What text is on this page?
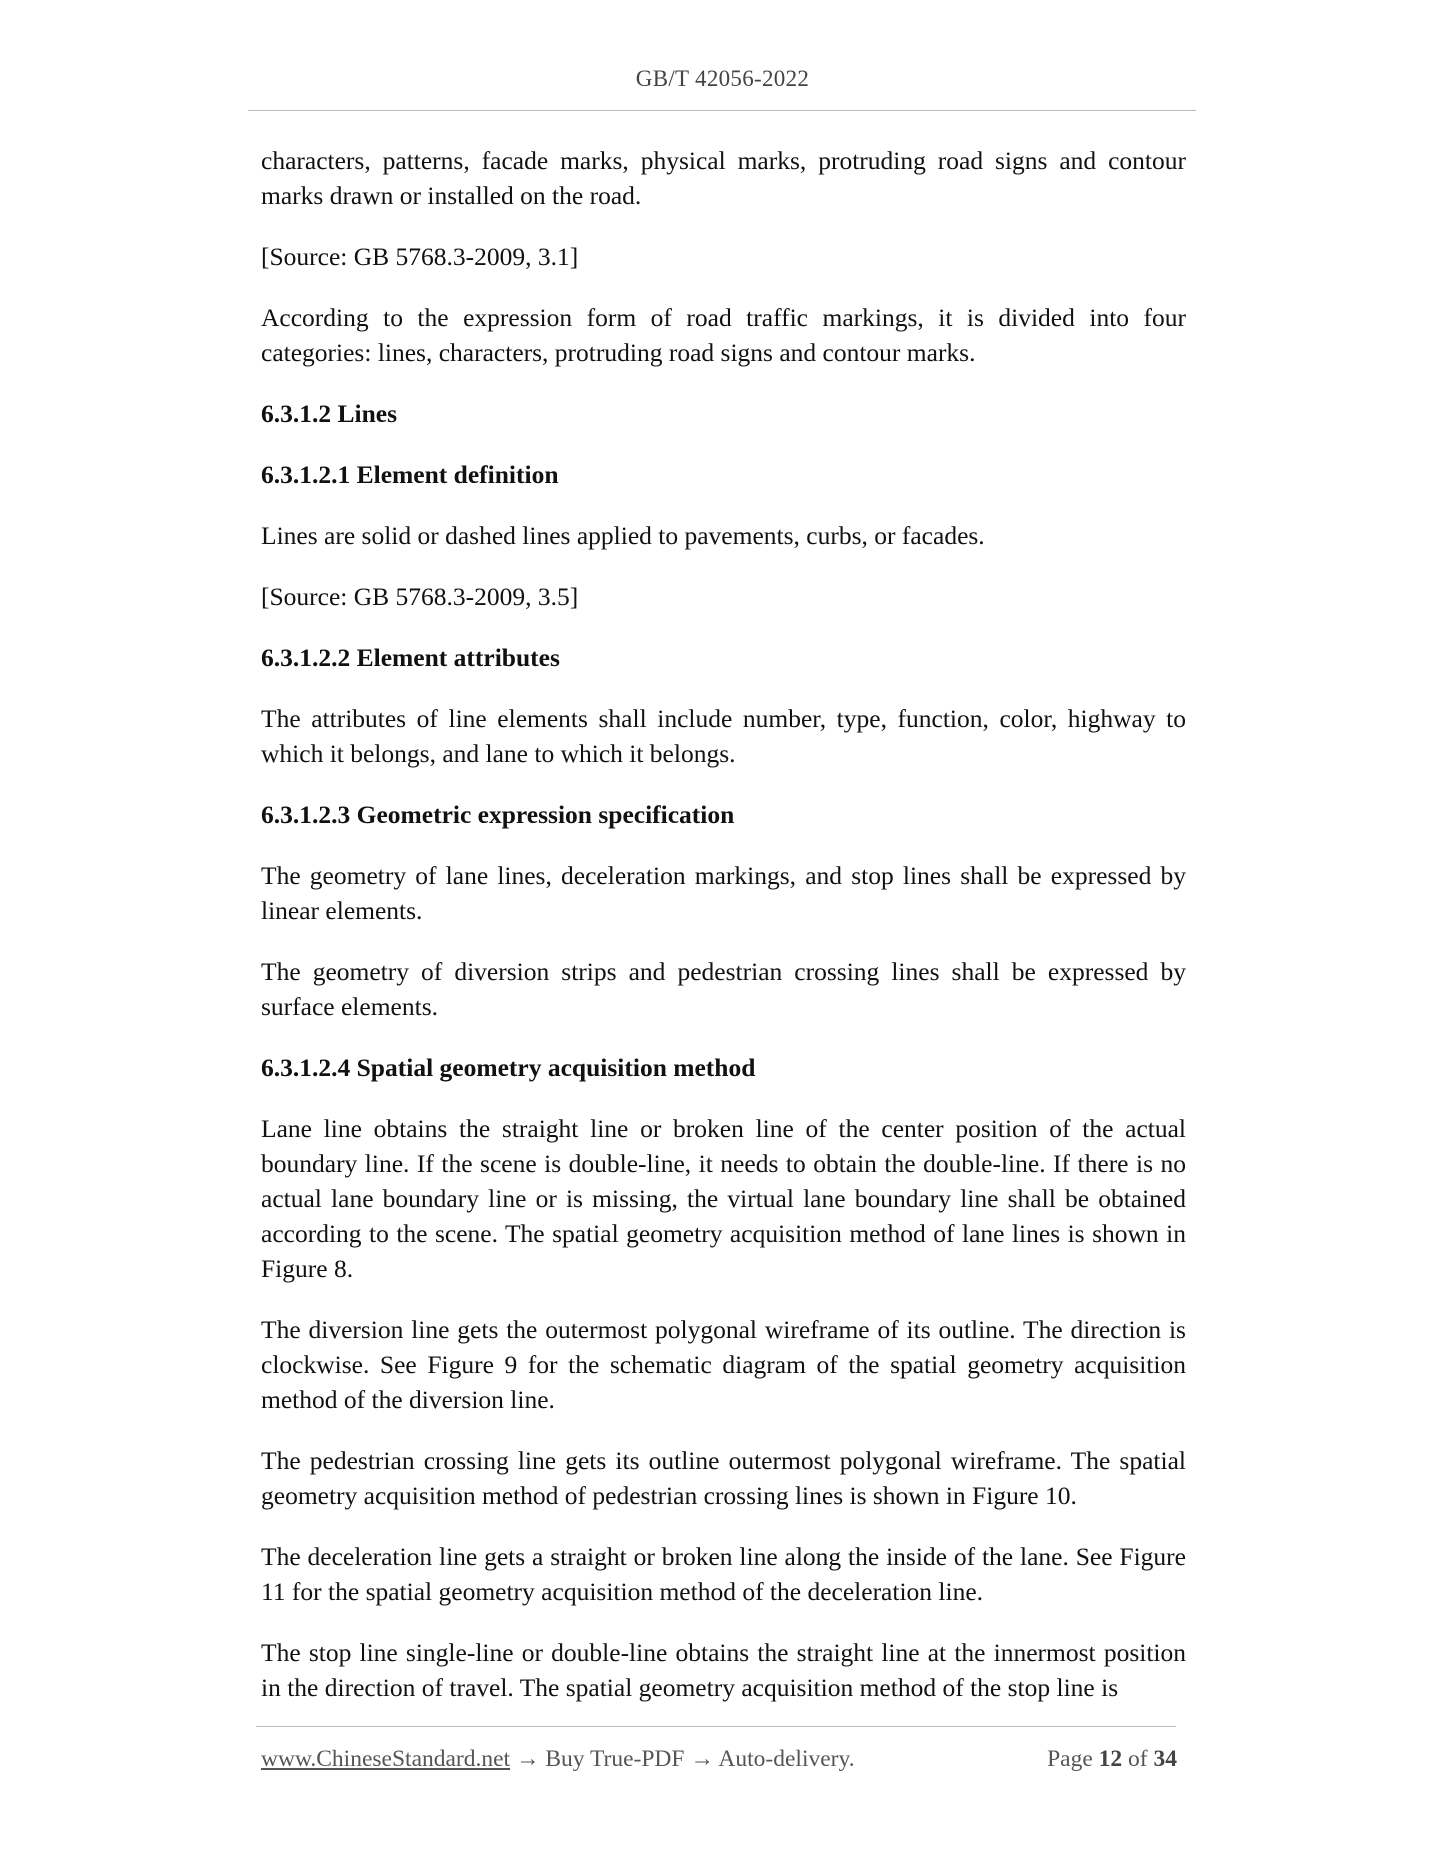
GB/T 42056-2022

characters, patterns, facade marks, physical marks, protruding road signs and contour marks drawn or installed on the road.

[Source: GB 5768.3-2009, 3.1]

According to the expression form of road traffic markings, it is divided into four categories: lines, characters, protruding road signs and contour marks.

6.3.1.2 Lines

6.3.1.2.1 Element definition

Lines are solid or dashed lines applied to pavements, curbs, or facades.

[Source: GB 5768.3-2009, 3.5]

6.3.1.2.2 Element attributes

The attributes of line elements shall include number, type, function, color, highway to which it belongs, and lane to which it belongs.

6.3.1.2.3 Geometric expression specification

The geometry of lane lines, deceleration markings, and stop lines shall be expressed by linear elements.

The geometry of diversion strips and pedestrian crossing lines shall be expressed by surface elements.

6.3.1.2.4 Spatial geometry acquisition method

Lane line obtains the straight line or broken line of the center position of the actual boundary line. If the scene is double-line, it needs to obtain the double-line. If there is no actual lane boundary line or is missing, the virtual lane boundary line shall be obtained according to the scene. The spatial geometry acquisition method of lane lines is shown in Figure 8.

The diversion line gets the outermost polygonal wireframe of its outline. The direction is clockwise. See Figure 9 for the schematic diagram of the spatial geometry acquisition method of the diversion line.

The pedestrian crossing line gets its outline outermost polygonal wireframe. The spatial geometry acquisition method of pedestrian crossing lines is shown in Figure 10.

The deceleration line gets a straight or broken line along the inside of the lane. See Figure 11 for the spatial geometry acquisition method of the deceleration line.

The stop line single-line or double-line obtains the straight line at the innermost position in the direction of travel. The spatial geometry acquisition method of the stop line is

www.ChineseStandard.net → Buy True-PDF → Auto-delivery.	Page 12 of 34
